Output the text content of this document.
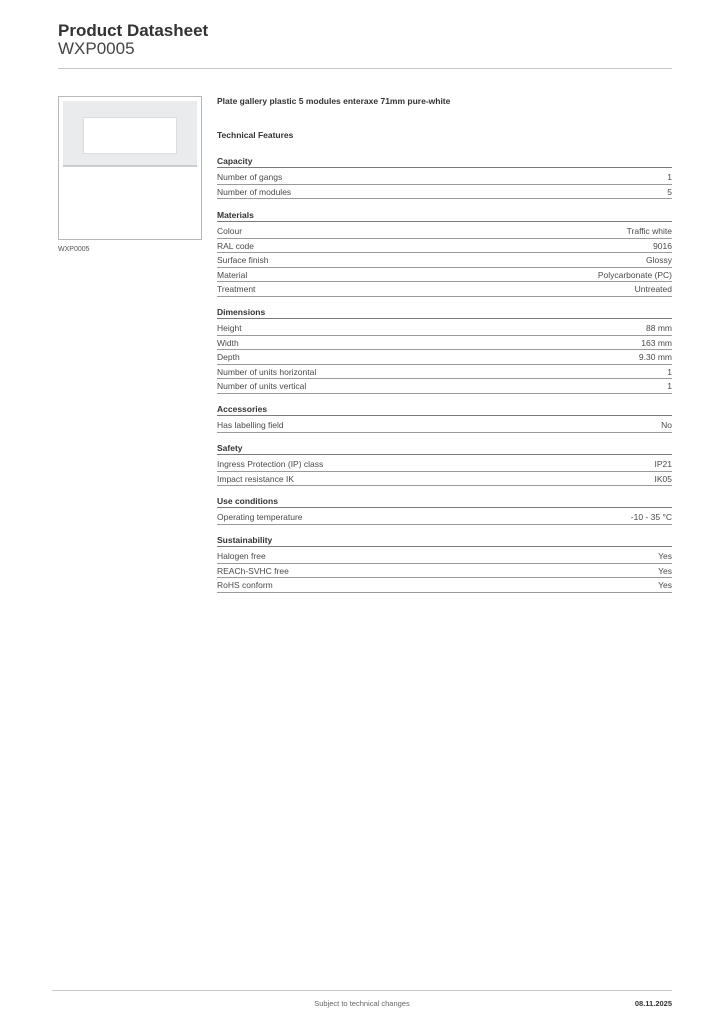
Product Datasheet
WXP0005
WXP0005
Plate gallery plastic 5 modules enteraxe 71mm pure-white
Technical Features
Capacity
Number of gangs	1
Number of modules	5
Materials
Colour	Traffic white
RAL code	9016
Surface finish	Glossy
Material	Polycarbonate (PC)
Treatment	Untreated
Dimensions
Height	88 mm
Width	163 mm
Depth	9.30 mm
Number of units horizontal	1
Number of units vertical	1
Accessories
Has labelling field	No
Safety
Ingress Protection (IP) class	IP21
Impact resistance IK	IK05
Use conditions
Operating temperature	-10 - 35 °C
Sustainability
Halogen free	Yes
REACh-SVHC free	Yes
RoHS conform	Yes
Subject to technical changes	08.11.2025
